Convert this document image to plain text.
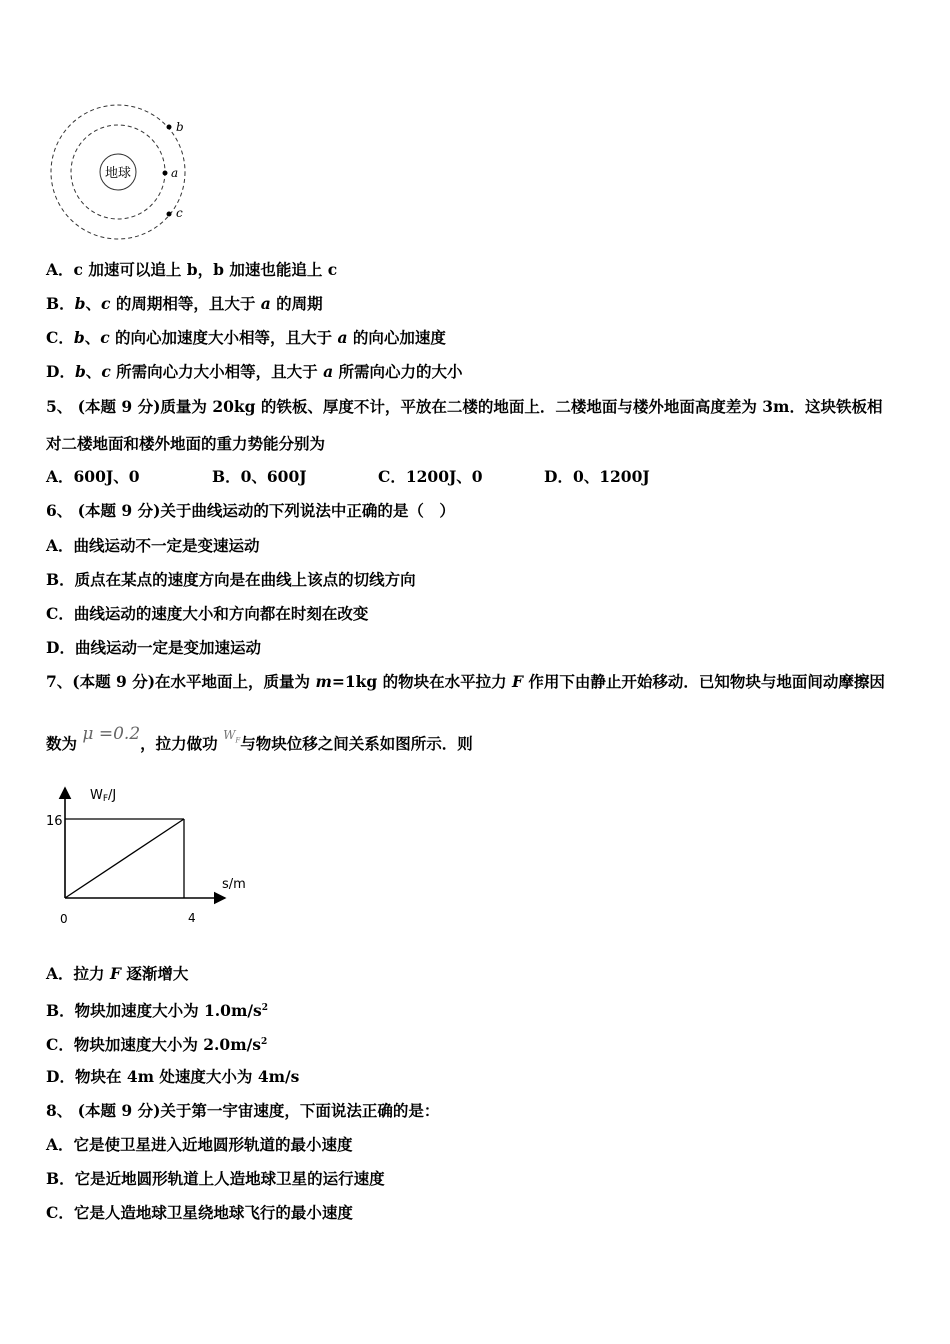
地球
b
a
c
A．c 加速可以追上 b，b 加速也能追上 c
B．b、c 的周期相等，且大于 a 的周期
C．b、c 的向心加速度大小相等，且大于 a 的向心加速度
D．b、c 所需向心力大小相等，且大于 a 所需向心力的大小
5、 (本题 9 分)质量为 20kg 的铁板、厚度不计，平放在二楼的地面上．二楼地面与楼外地面高度差为 3m．这块铁板相
对二楼地面和楼外地面的重力势能分别为
A．600J、0	B．0、600J	C．1200J、0	D．0、1200J
6、 (本题 9 分)关于曲线运动的下列说法中正确的是（　）
A．曲线运动不一定是变速运动
B．质点在某点的速度方向是在曲线上该点的切线方向
C．曲线运动的速度大小和方向都在时刻在改变
D．曲线运动一定是变加速运动
7、(本题 9 分)在水平地面上，质量为 m=1kg 的物块在水平拉力 F 作用下由静止开始移动．已知物块与地面间动摩擦因
数为 μ =0.2，拉力做功 $^{W_F}$与物块位移之间关系如图所示．则
WF/J
s/m
0
16
4
A．拉力 F 逐渐增大
B．物块加速度大小为 $1.0m/s^2$
C．物块加速度大小为 $2.0m/s^2$
D．物块在 4m 处速度大小为 4m/s
8、 (本题 9 分)关于第一宇宙速度，下面说法正确的是：
A．它是使卫星进入近地圆形轨道的最小速度
B．它是近地圆形轨道上人造地球卫星的运行速度
C．它是人造地球卫星绕地球飞行的最小速度
